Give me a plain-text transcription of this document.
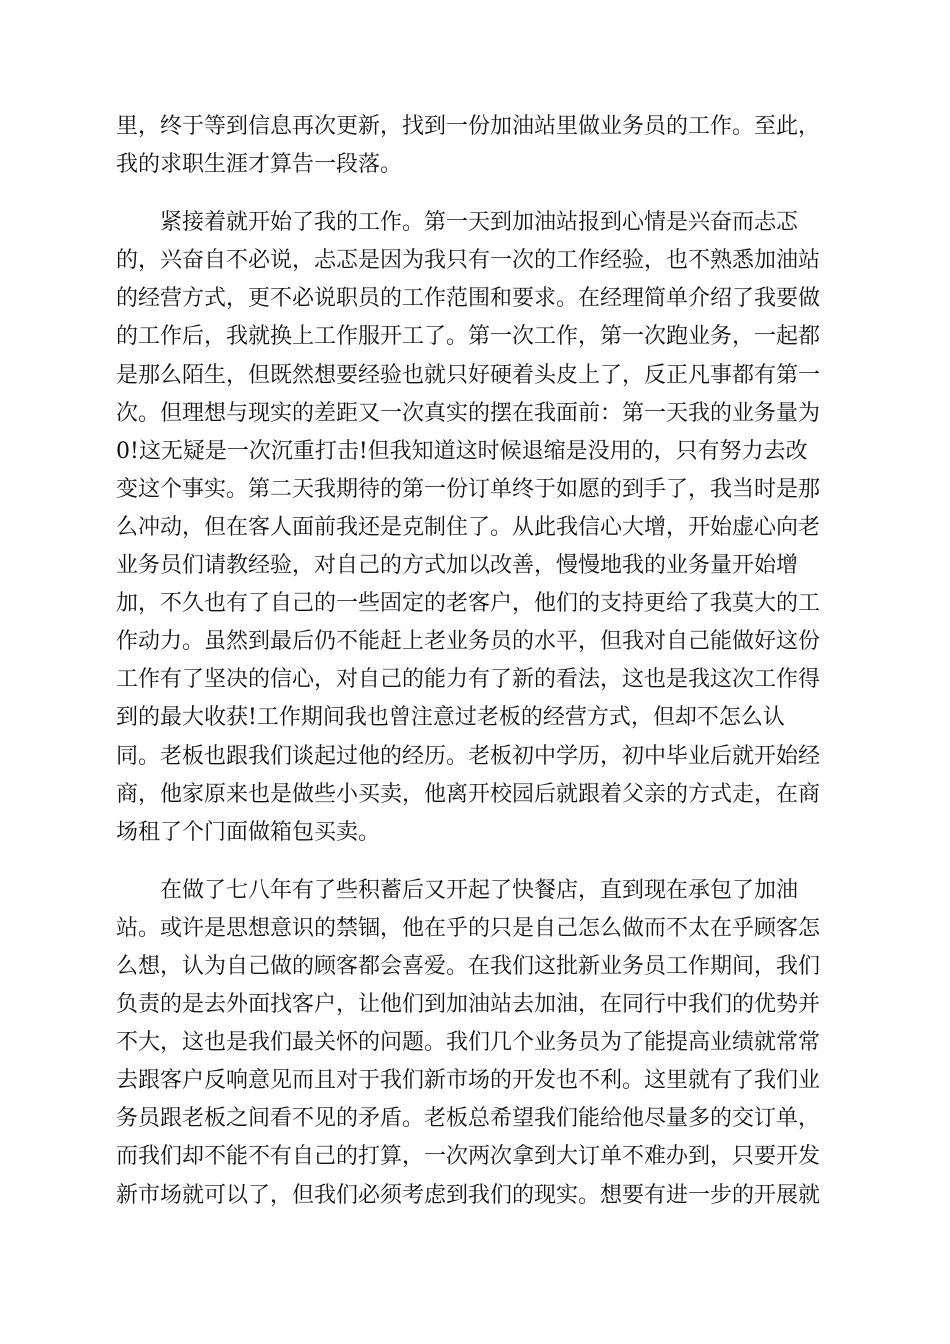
里，终于等到信息再次更新，找到一份加油站里做业务员的工作。至此，
我的求职生涯才算告一段落。
紧接着就开始了我的工作。第一天到加油站报到心情是兴奋而忐忑
的，兴奋自不必说，忐忑是因为我只有一次的工作经验，也不熟悉加油站
的经营方式，更不必说职员的工作范围和要求。在经理简单介绍了我要做
的工作后，我就换上工作服开工了。第一次工作，第一次跑业务，一起都
是那么陌生，但既然想要经验也就只好硬着头皮上了，反正凡事都有第一
次。但理想与现实的差距又一次真实的摆在我面前：第一天我的业务量为
0!这无疑是一次沉重打击!但我知道这时候退缩是没用的，只有努力去改
变这个事实。第二天我期待的第一份订单终于如愿的到手了，我当时是那
么冲动，但在客人面前我还是克制住了。从此我信心大增，开始虚心向老
业务员们请教经验，对自己的方式加以改善，慢慢地我的业务量开始增
加，不久也有了自己的一些固定的老客户，他们的支持更给了我莫大的工
作动力。虽然到最后仍不能赶上老业务员的水平，但我对自己能做好这份
工作有了坚决的信心，对自己的能力有了新的看法，这也是我这次工作得
到的最大收获!工作期间我也曾注意过老板的经营方式，但却不怎么认
同。老板也跟我们谈起过他的经历。老板初中学历，初中毕业后就开始经
商，他家原来也是做些小买卖，他离开校园后就跟着父亲的方式走，在商
场租了个门面做箱包买卖。
在做了七八年有了些积蓄后又开起了快餐店，直到现在承包了加油
站。或许是思想意识的禁锢，他在乎的只是自己怎么做而不太在乎顾客怎
么想，认为自己做的顾客都会喜爱。在我们这批新业务员工作期间，我们
负责的是去外面找客户，让他们到加油站去加油，在同行中我们的优势并
不大，这也是我们最关怀的问题。我们几个业务员为了能提高业绩就常常
去跟客户反响意见而且对于我们新市场的开发也不利。这里就有了我们业
务员跟老板之间看不见的矛盾。老板总希望我们能给他尽量多的交订单，
而我们却不能不有自己的打算，一次两次拿到大订单不难办到，只要开发
新市场就可以了，但我们必须考虑到我们的现实。想要有进一步的开展就
